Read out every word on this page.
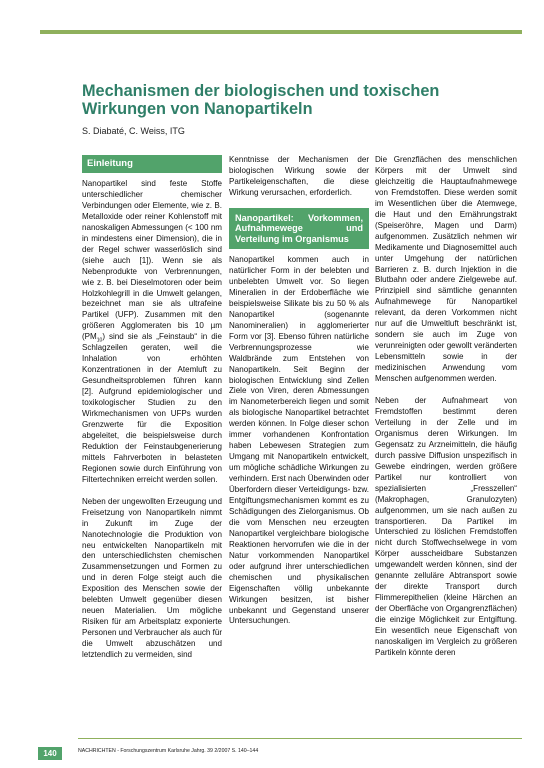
Mechanismen der biologischen und toxischen Wirkungen von Nanopartikeln

S. Diabaté, C. Weiss, ITG

Einleitung

Nanopartikel sind feste Stoffe unterschiedlicher chemischer Verbindungen oder Elemente, wie z. B. Metalloxide oder reiner Kohlenstoff mit nanoskaligen Abmessungen (< 100 nm in mindestens einer Dimension), die in der Regel schwer wasserlöslich sind (siehe auch [1]). Wenn sie als Nebenprodukte von Verbrennungen, wie z. B. bei Dieselmotoren oder beim Holzkohlegrill in die Umwelt gelangen, bezeichnet man sie als ultrafeine Partikel (UFP). Zusammen mit den größeren Agglomeraten bis 10 µm $(PM_{10})$ sind sie als „Feinstaub“ in die Schlagzeilen geraten, weil die Inhalation von erhöhten Konzentrationen in der Atemluft zu Gesundheitsproblemen führen kann [2]. Aufgrund epidemiologischer und toxikologischer Studien zu den Wirkmechanismen von UFPs wurden Grenzwerte für die Exposition abgeleitet, die beispielsweise durch Reduktion der Feinstaubgenerierung mittels Fahrverboten in belasteten Regionen sowie durch Einführung von Filtertechniken erreicht werden sollen.

Neben der ungewollten Erzeugung und Freisetzung von Nanopartikeln nimmt in Zukunft im Zuge der Nanotechnologie die Produktion von neu entwickelten Nanopartikeln mit den unterschiedlichsten chemischen Zusammensetzungen und Formen zu und in deren Folge steigt auch die Exposition des Menschen sowie der belebten Umwelt gegenüber diesen neuen Materialien. Um mögliche Risiken für am Arbeitsplatz exponierte Personen und Verbraucher als auch für die Umwelt abzuschätzen und letztendlich zu vermeiden, sind

Kenntnisse der Mechanismen der biologischen Wirkung sowie der Partikeleigenschaften, die diese Wirkung verursachen, erforderlich.

Nanopartikel: Vorkommen, Aufnahmewege und Verteilung im Organismus

Nanopartikel kommen auch in natürlicher Form in der belebten und unbelebten Umwelt vor. So liegen Mineralien in der Erdoberfläche wie beispielsweise Silikate bis zu 50 % als Nanopartikel (sogenannte Nanomineralien) in agglomerierter Form vor [3]. Ebenso führen natürliche Verbrennungsprozesse wie Waldbrände zum Entstehen von Nanopartikeln. Seit Beginn der biologischen Entwicklung sind Zellen Ziele von Viren, deren Abmessungen im Nanometerbereich liegen und somit als biologische Nanopartikel betrachtet werden können. In Folge dieser schon immer vorhandenen Konfrontation haben Lebewesen Strategien zum Umgang mit Nanopartikeln entwickelt, um mögliche schädliche Wirkungen zu verhindern. Erst nach Überwinden oder Überfordern dieser Verteidigungs- bzw. Entgiftungsmechanismen kommt es zu Schädigungen des Zielorganismus. Ob die vom Menschen neu erzeugten Nanopartikel vergleichbare biologische Reaktionen hervorrufen wie die in der Natur vorkommenden Nanopartikel oder aufgrund ihrer unterschiedlichen chemischen und physikalischen Eigenschaften völlig unbekannte Wirkungen besitzen, ist bisher unbekannt und Gegenstand unserer Untersuchungen.

Die Grenzflächen des menschlichen Körpers mit der Umwelt sind gleichzeitig die Hauptaufnahmewege von Fremdstoffen. Diese werden somit im Wesentlichen über die Atemwege, die Haut und den Ernährungstrakt (Speiseröhre, Magen und Darm) aufgenommen. Zusätzlich nehmen wir Medikamente und Diagnosemittel auch unter Umgehung der natürlichen Barrieren z. B. durch Injektion in die Blutbahn oder andere Zielgewebe auf. Prinzipiell sind sämtliche genannten Aufnahmewege für Nanopartikel relevant, da deren Vorkommen nicht nur auf die Umweltluft beschränkt ist, sondern sie auch im Zuge von verunreinigten oder gewollt veränderten Lebensmitteln sowie in der medizinischen Anwendung vom Menschen aufgenommen werden.

Neben der Aufnahmeart von Fremdstoffen bestimmt deren Verteilung in der Zelle und im Organismus deren Wirkungen. Im Gegensatz zu Arzneimitteln, die häufig durch passive Diffusion unspezifisch in Gewebe eindringen, werden größere Partikel nur kontrolliert von spezialisierten „Fresszellen“ (Makrophagen, Granulozyten) aufgenommen, um sie nach außen zu transportieren. Da Partikel im Unterschied zu löslichen Fremdstoffen nicht durch Stoffwechselwege in vom Körper ausscheidbare Substanzen umgewandelt werden können, sind der genannte zelluläre Abtransport sowie der direkte Transport durch Flimmerepithelien (kleine Härchen an der Oberfläche von Organgrenzflächen) die einzige Möglichkeit zur Entgiftung. Ein wesentlich neue Eigenschaft von nanoskaligen im Vergleich zu größeren Partikeln könnte deren

140	NACHRICHTEN - Forschungszentrum Karlsruhe Jahrg. 39 2/2007 S. 140–144
